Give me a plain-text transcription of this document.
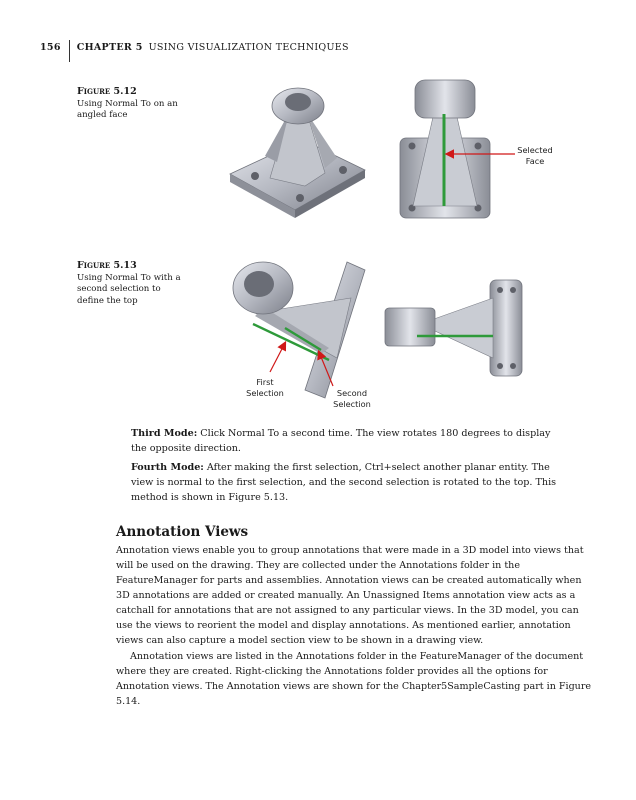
156 CHAPTER 5 USING VISUALIZATION TECHNIQUES
Figure 5.12
Using Normal To on an angled face
Selected
Face
Figure 5.13
Using Normal To with a second selection to define the top
First
Selection	Second
Selection

Third Mode: Click Normal To a second time. The view rotates 180 degrees to display the opposite direction.

Fourth Mode: After making the first selection, Ctrl+select another planar entity. The view is normal to the first selection, and the second selection is rotated to the top. This method is shown in Figure 5.13.

Annotation Views

Annotation views enable you to group annotations that were made in a 3D model into views that will be used on the drawing. They are collected under the Annotations folder in the FeatureManager for parts and assemblies. Annotation views can be created automatically when 3D annotations are added or created manually. An Unassigned Items annotation view acts as a catchall for annotations that are not assigned to any particular views. In the 3D model, you can use the views to reorient the model and display annotations. As mentioned earlier, annotation views can also capture a model section view to be shown in a drawing view.

Annotation views are listed in the Annotations folder in the FeatureManager of the document where they are created. Right-clicking the Annotations folder provides all the options for Annotation views. The Annotation views are shown for the Chapter5SampleCasting part in Figure 5.14.
